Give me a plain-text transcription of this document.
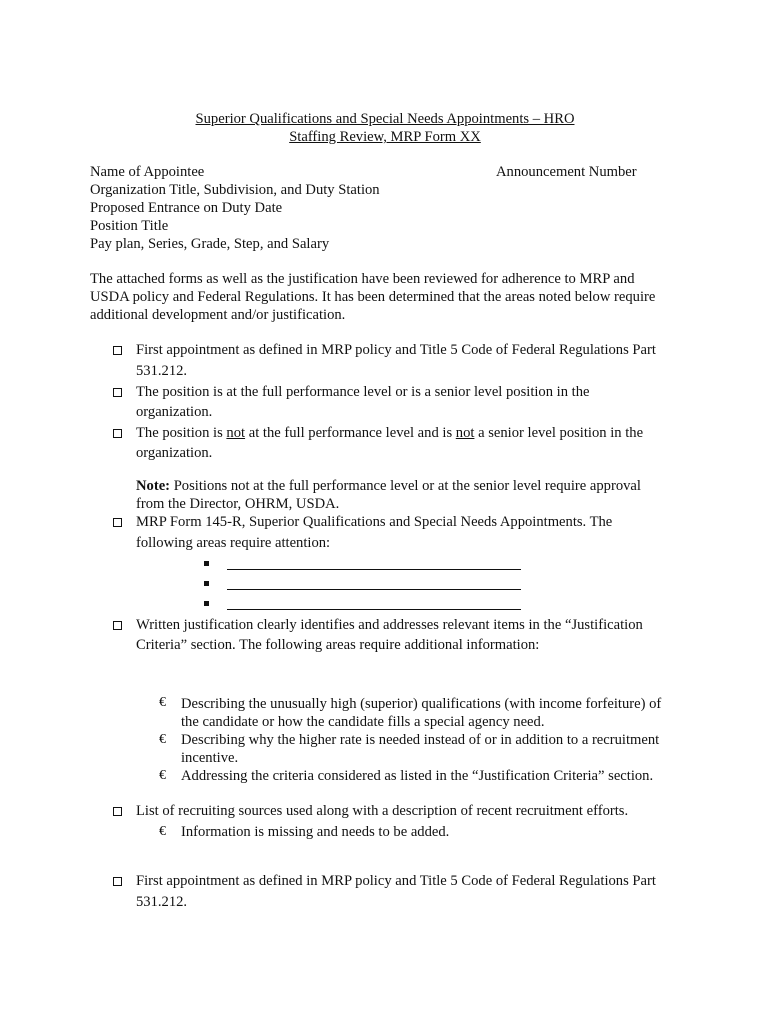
Superior Qualifications and Special Needs Appointments – HRO
Staffing Review, MRP Form XX
Name of Appointee	Announcement Number
Organization Title, Subdivision, and Duty Station
Proposed Entrance on Duty Date
Position Title
Pay plan, Series, Grade, Step, and Salary
The attached forms as well as the justification have been reviewed for adherence to MRP and
USDA policy and Federal Regulations. It has been determined that the areas noted below require
additional development and/or justification.
First appointment as defined in MRP policy and Title 5 Code of Federal Regulations Part
531.212.
The position is at the full performance level or is a senior level position in the
organization.
The position is not at the full performance level and is not a senior level position in the
organization.
Note: Positions not at the full performance level or at the senior level require approval
from the Director, OHRM, USDA.
MRP Form 145-R, Superior Qualifications and Special Needs Appointments. The
following areas require attention:
Written justification clearly identifies and addresses relevant items in the “Justification
Criteria” section. The following areas require additional information:
€ Describing the unusually high (superior) qualifications (with income forfeiture) of
the candidate or how the candidate fills a special agency need.
€ Describing why the higher rate is needed instead of or in addition to a recruitment
incentive.
€ Addressing the criteria considered as listed in the “Justification Criteria” section.
List of recruiting sources used along with a description of recent recruitment efforts.
€ Information is missing and needs to be added.
First appointment as defined in MRP policy and Title 5 Code of Federal Regulations Part
531.212.
